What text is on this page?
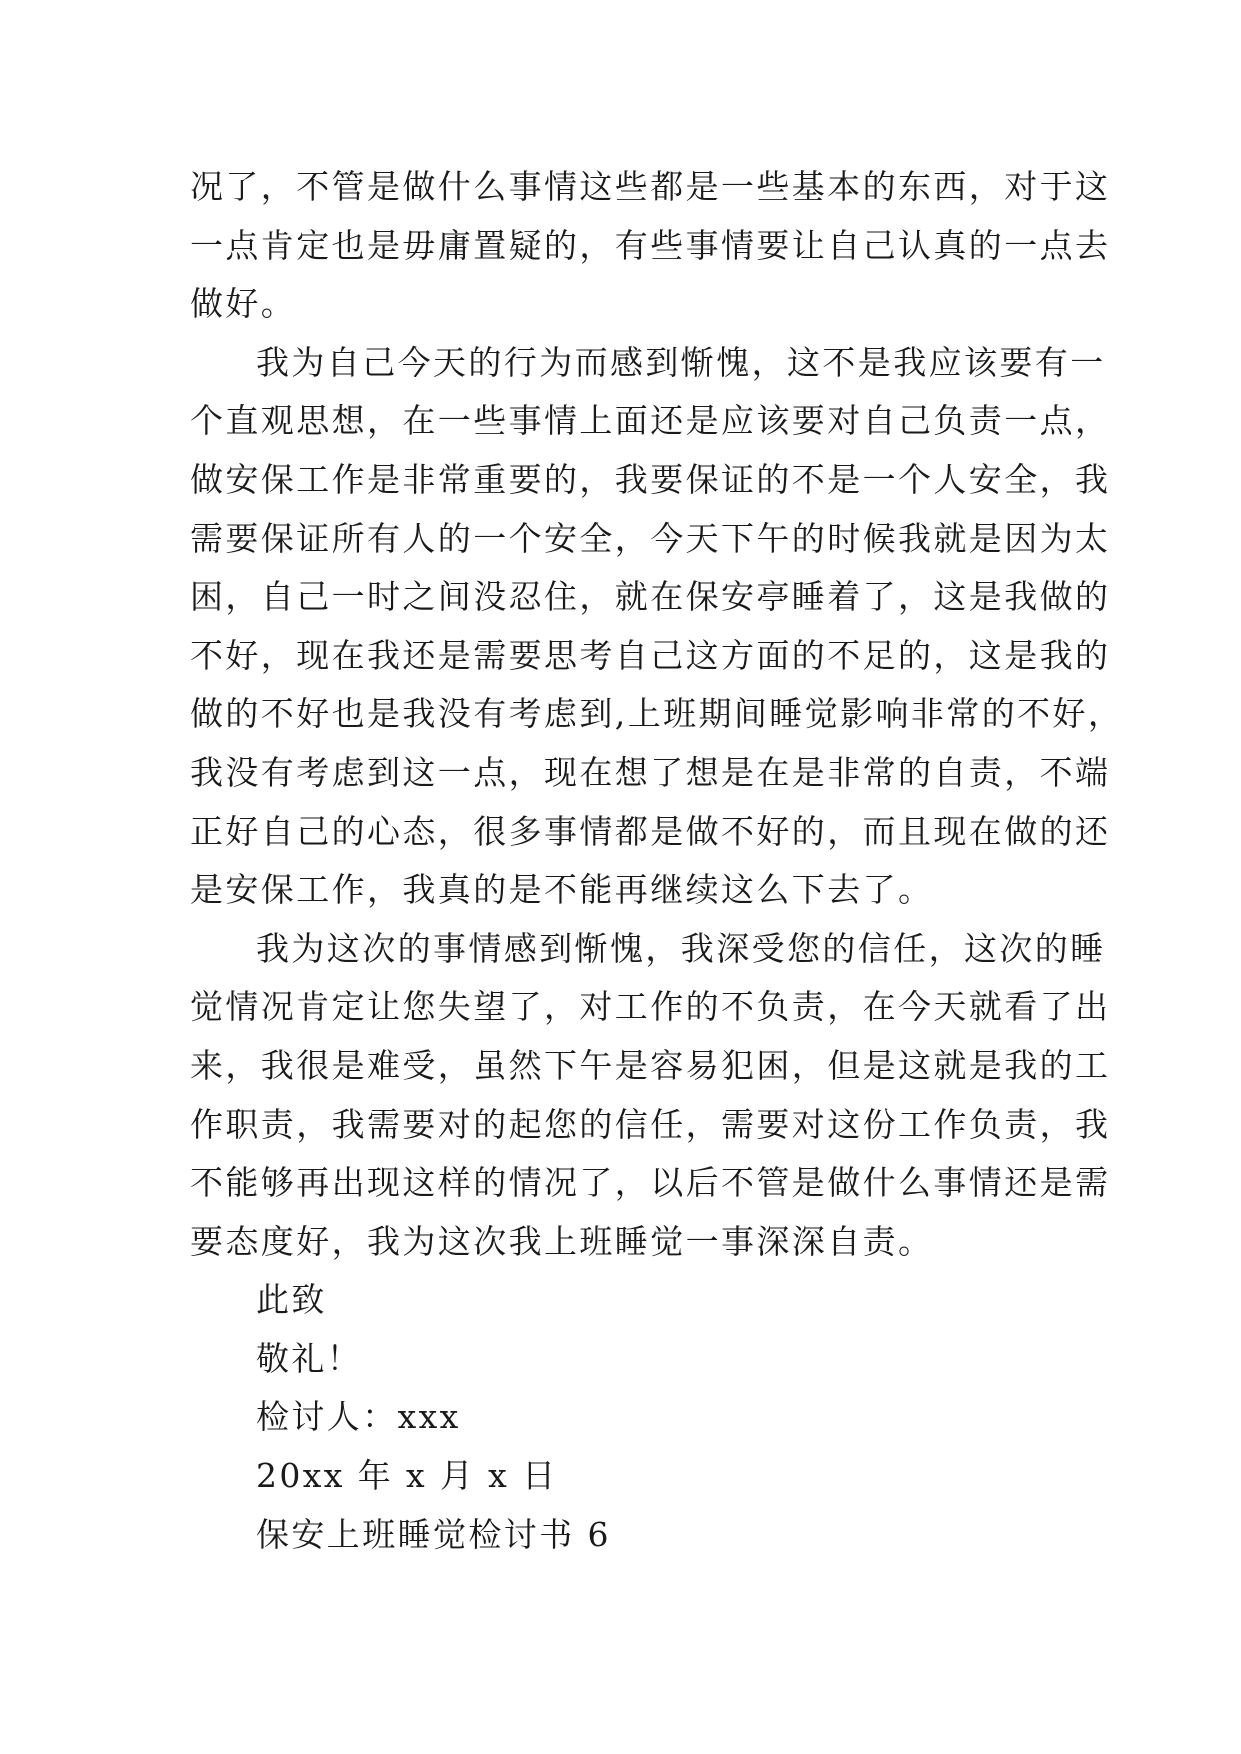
况了，不管是做什么事情这些都是一些基本的东西，对于这
一点肯定也是毋庸置疑的，有些事情要让自己认真的一点去
做好。
我为自己今天的行为而感到惭愧，这不是我应该要有一
个直观思想，在一些事情上面还是应该要对自己负责一点，
做安保工作是非常重要的，我要保证的不是一个人安全，我
需要保证所有人的一个安全，今天下午的时候我就是因为太
困，自己一时之间没忍住，就在保安亭睡着了，这是我做的
不好，现在我还是需要思考自己这方面的不足的，这是我的
做的不好也是我没有考虑到,上班期间睡觉影响非常的不好，
我没有考虑到这一点，现在想了想是在是非常的自责，不端
正好自己的心态，很多事情都是做不好的，而且现在做的还
是安保工作，我真的是不能再继续这么下去了。
我为这次的事情感到惭愧，我深受您的信任，这次的睡
觉情况肯定让您失望了，对工作的不负责，在今天就看了出
来，我很是难受，虽然下午是容易犯困，但是这就是我的工
作职责，我需要对的起您的信任，需要对这份工作负责，我
不能够再出现这样的情况了，以后不管是做什么事情还是需
要态度好，我为这次我上班睡觉一事深深自责。
此致
敬礼！
检讨人：xxx
20xx 年 x 月 x 日
保安上班睡觉检讨书 6
